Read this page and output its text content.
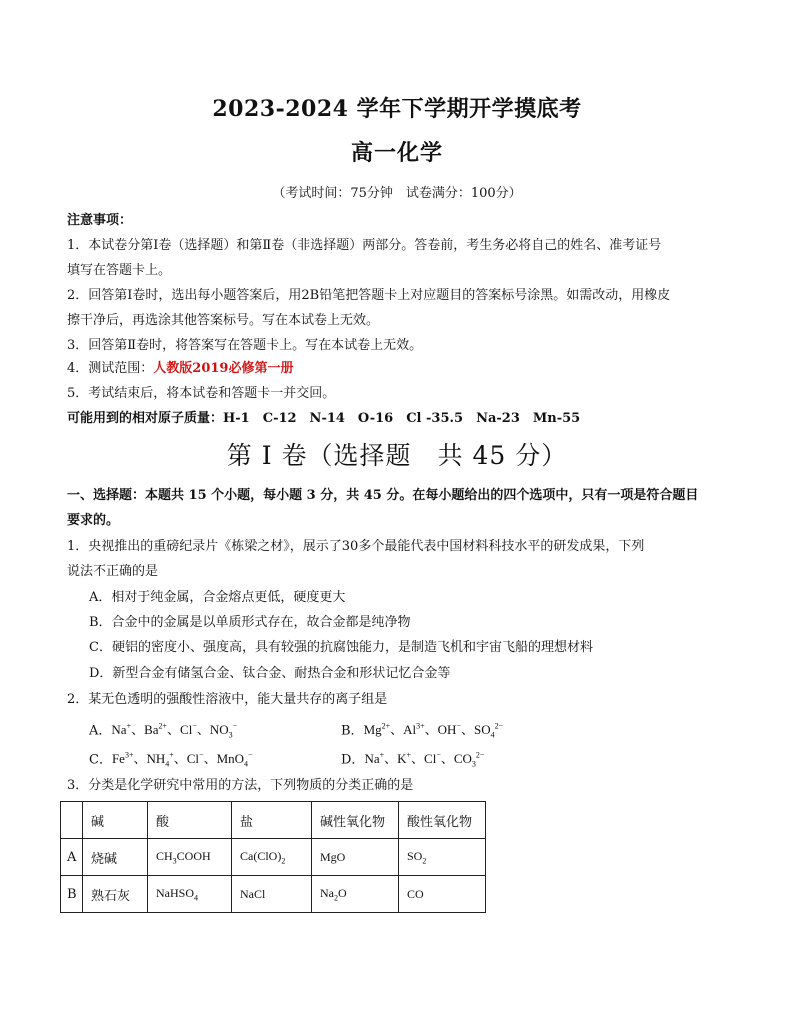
2023-2024 学年下学期开学摸底考
高一化学
（考试时间：75分钟　试卷满分：100分）
注意事项：
1．本试卷分第Ⅰ卷（选择题）和第Ⅱ卷（非选择题）两部分。答卷前，考生务必将自己的姓名、准考证号
填写在答题卡上。
2．回答第Ⅰ卷时，选出每小题答案后，用2B铅笔把答题卡上对应题目的答案标号涂黑。如需改动，用橡皮
擦干净后，再选涂其他答案标号。写在本试卷上无效。
3．回答第Ⅱ卷时，将答案写在答题卡上。写在本试卷上无效。
4．测试范围：人教版2019必修第一册
5．考试结束后，将本试卷和答题卡一并交回。
可能用到的相对原子质量：H-1　C-12　N-14　O-16　Cl -35.5　Na-23　Mn-55
第 I 卷（选择题　共 45 分）
一、选择题：本题共 15 个小题，每小题 3 分，共 45 分。在每小题给出的四个选项中，只有一项是符合题目
要求的。
1．央视推出的重磅纪录片《栋梁之材》，展示了30多个最能代表中国材料科技水平的研发成果，下列
说法不正确的是
A．相对于纯金属，合金熔点更低，硬度更大
B．合金中的金属是以单质形式存在，故合金都是纯净物
C．硬铝的密度小、强度高，具有较强的抗腐蚀能力，是制造飞机和宇宙飞船的理想材料
D．新型合金有储氢合金、钛合金、耐热合金和形状记忆合金等
2．某无色透明的强酸性溶液中，能大量共存的离子组是
A．Na+、$Ba^{2+}$、Cl−、$NO_3^-$	B．$Mg^{2+}$、$Al^{3+}$、OH−、$SO_4^{2-}$
C．$Fe^{3+}$、$NH_4^+$、Cl−、MnO$_4$−	D．Na+、K+、Cl−、$CO_3^{2-}$
3．分类是化学研究中常用的方法，下列物质的分类正确的是
	碱	酸	盐	碱性氧化物	酸性氧化物
A	烧碱	$CH_3COOH$	$Ca(ClO)_2$	MgO	$SO_2$
B	熟石灰	NaHSO$_4$	NaCl	$Na_2O$	CO
